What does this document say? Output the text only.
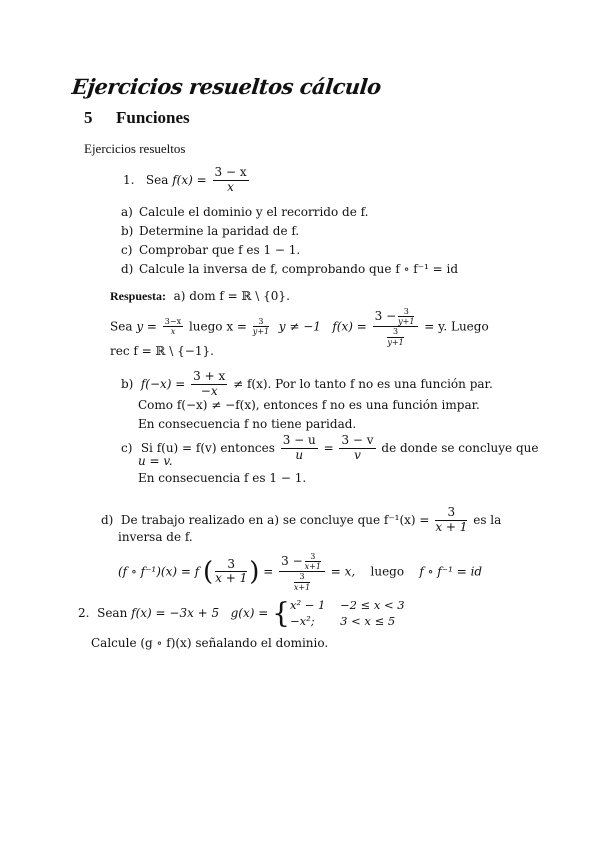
Ejercicios resueltos cálculo
5 Funciones
Ejercicios resueltos
1. Sea $f(x) = \frac{3 - x}{x}$
a) Calcule el dominio y el recorrido de f.
b) Determine la paridad de f.
c) Comprobar que f es 1 − 1.
d) Calcule la inversa de f, comprobando que f ∘ f⁻¹ = id
Respuesta: a) dom f = ℝ \ {0}.
Sea $y = \frac{3-x}{x}$ luego $x = \frac{3}{y+1}$ y ≠ −1 $f(x) = \frac{3 - \frac{3}{y+1}}{\frac{3}{y+1}} = y$. Luego
rec f = ℝ \ {−1}.
b) $f(-x) = \frac{3 + x}{-x} \ne f(x)$. Por lo tanto f no es una función par.
Como f(−x) ≠ −f(x), entonces f no es una función impar.
En consecuencia f no tiene paridad.
c) Si f(u) = f(v) entonces $\frac{3 - u}{u} = \frac{3 - v}{v}$ de donde se concluye que
u = v.
En consecuencia f es 1 − 1.
d) De trabajo realizado en a) se concluye que $f^{-1}(x) = \frac{3}{x + 1}$ es la
inversa de f.
(f ∘ f⁻¹)(x) = f ( $\frac{3}{x + 1}$ ) = $\frac{3 - \frac{3}{x+1}}{\frac{3}{x+1}} = x$, luego f ∘ f⁻¹ = id
2. Sean f(x) = −3x + 5 g(x) = { x² − 1    −2 ≤ x < 3
−x²;       3 < x ≤ 5
Calcule (g ∘ f)(x) señalando el dominio.
